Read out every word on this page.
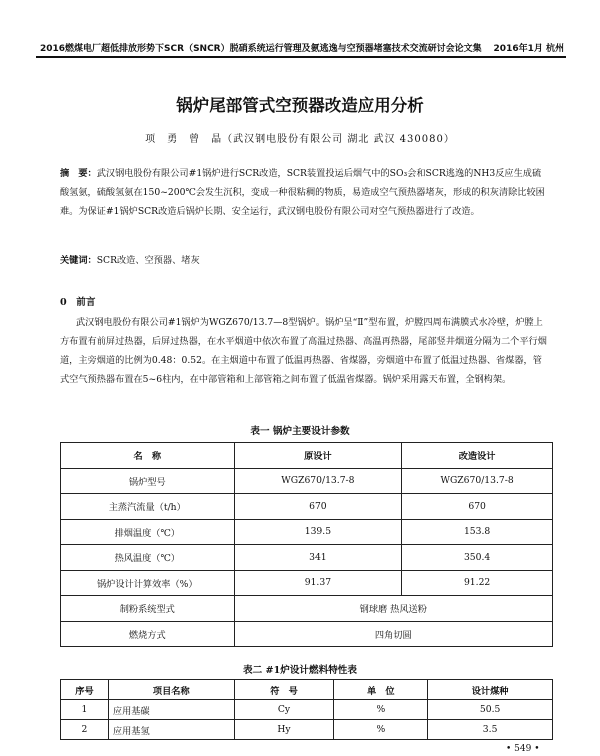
2016燃煤电厂超低排放形势下SCR（SNCR）脱硝系统运行管理及氨逃逸与空预器堵塞技术交流研讨会论文集 2016年1月 杭州
锅炉尾部管式空预器改造应用分析
项　勇　曾　晶（武汉钢电股份有限公司 湖北 武汉 430080）
摘　要：武汉钢电股份有限公司#1锅炉进行SCR改造，SCR装置投运后烟气中的SO₃会和SCR逃逸的NH3反应生成硫酸氢氨，硫酸氢氨在150~200℃会发生沉积，变成一种很粘稠的物质，易造成空气预热器堵灰，形成的积灰清除比较困难。为保证#1锅炉SCR改造后锅炉长期、安全运行，武汉钢电股份有限公司对空气预热器进行了改造。
关键词：SCR改造、空预器、堵灰
0　前言
武汉钢电股份有限公司#1锅炉为WGZ670/13.7—8型锅炉。锅炉呈“Ⅱ”型布置，炉膛四周布满膜式水冷壁，炉膛上方布置有前屏过热器，后屏过热器，在水平烟道中依次布置了高温过热器、高温再热器，尾部竖井烟道分隔为二个平行烟道，主旁烟道的比例为0.48：0.52。在主烟道中布置了低温再热器、省煤器，旁烟道中布置了低温过热器、省煤器，管式空气预热器布置在5~6柱内，在中部管箱和上部管箱之间布置了低温省煤器。锅炉采用露天布置，全钢构架。
表一 锅炉主要设计参数
名　称	原设计	改造设计
锅炉型号	WGZ670/13.7-8	WGZ670/13.7-8
主蒸汽流量（t/h）	670	670
排烟温度（℃）	139.5	153.8
热风温度（℃）	341	350.4
锅炉设计计算效率（%）	91.37	91.22
制粉系统型式	钢球磨 热风送粉	
燃烧方式	四角切圆	
表二 #1炉设计燃料特性表
序号	项目名称	符　号	单　位	设计煤种
1	应用基碳	Cy	%	50.5
2	应用基氢	Hy	%	3.5
• 549 •
